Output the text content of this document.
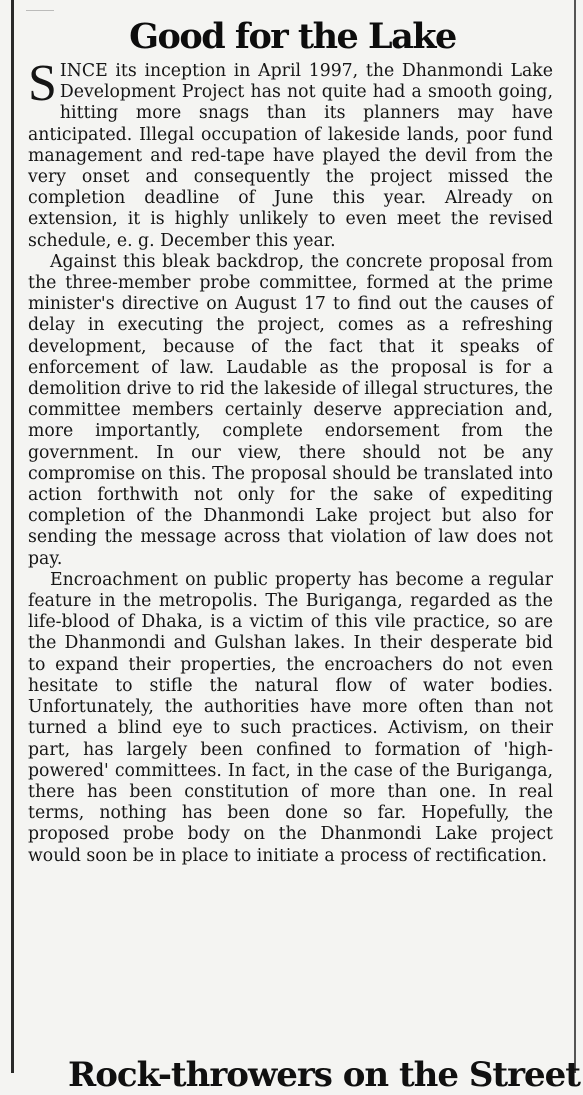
Good for the Lake

SINCE its inception in April 1997, the Dhanmondi Lake Development Project has not quite had a smooth going, hitting more snags than its planners may have anticipated. Illegal occupation of lakeside lands, poor fund management and red-tape have played the devil from the very onset and consequently the project missed the completion deadline of June this year. Already on extension, it is highly unlikely to even meet the revised schedule, e. g. December this year.

Against this bleak backdrop, the concrete proposal from the three-member probe committee, formed at the prime minister's directive on August 17 to find out the causes of delay in executing the project, comes as a refreshing development, because of the fact that it speaks of enforcement of law. Laudable as the proposal is for a demolition drive to rid the lakeside of illegal structures, the committee members certainly deserve appreciation and, more importantly, complete endorsement from the government. In our view, there should not be any compromise on this. The proposal should be translated into action forthwith not only for the sake of expediting completion of the Dhanmondi Lake project but also for sending the message across that violation of law does not pay.

Encroachment on public property has become a regular feature in the metropolis. The Buriganga, regarded as the life-blood of Dhaka, is a victim of this vile practice, so are the Dhanmondi and Gulshan lakes. In their desperate bid to expand their properties, the encroachers do not even hesitate to stifle the natural flow of water bodies. Unfortunately, the authorities have more often than not turned a blind eye to such practices. Activism, on their part, has largely been confined to formation of 'high-powered' committees. In fact, in the case of the Buriganga, there has been constitution of more than one. In real terms, nothing has been done so far. Hopefully, the proposed probe body on the Dhanmondi Lake project would soon be in place to initiate a process of rectification.

Rock-throwers on the Street
